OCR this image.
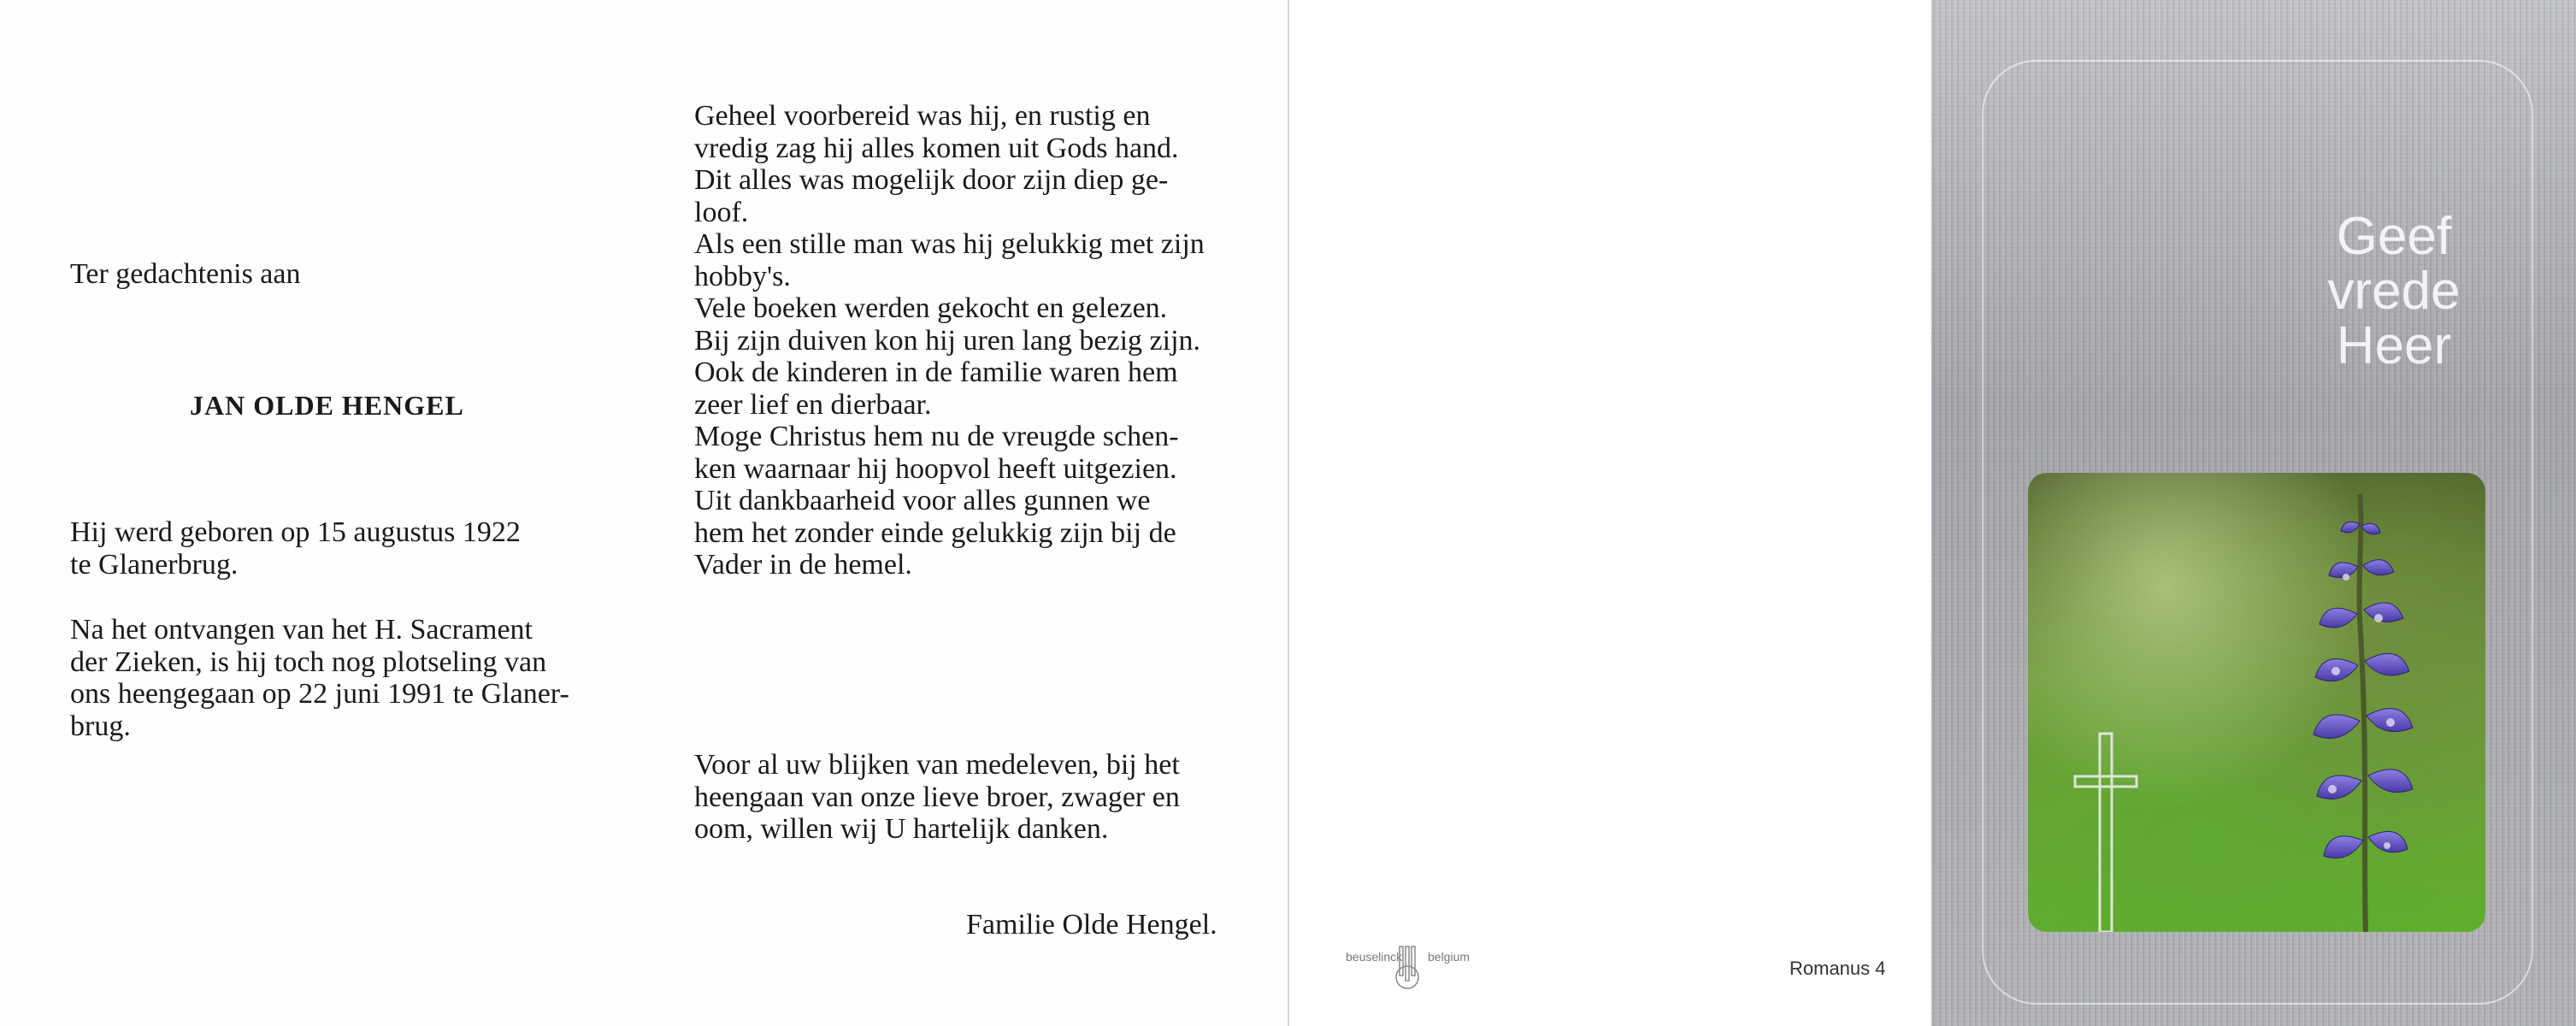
Ter gedachtenis aan
JAN OLDE HENGEL
Hij werd geboren op 15 augustus 1922
te Glanerbrug.
Na het ontvangen van het H. Sacrament
der Zieken, is hij toch nog plotseling van
ons heengegaan op 22 juni 1991 te Glaner-
brug.
Geheel voorbereid was hij, en rustig en
vredig zag hij alles komen uit Gods hand.
Dit alles was mogelijk door zijn diep ge-
loof.
Als een stille man was hij gelukkig met zijn
hobby's.
Vele boeken werden gekocht en gelezen.
Bij zijn duiven kon hij uren lang bezig zijn.
Ook de kinderen in de familie waren hem
zeer lief en dierbaar.
Moge Christus hem nu de vreugde schen-
ken waarnaar hij hoopvol heeft uitgezien.
Uit dankbaarheid voor alles gunnen we
hem het zonder einde gelukkig zijn bij de
Vader in de hemel.
Voor al uw blijken van medeleven, bij het
heengaan van onze lieve broer, zwager en
oom, willen wij U hartelijk danken.
Familie Olde Hengel.
beuselinck belgium
Romanus 4
Geef
vrede
Heer
